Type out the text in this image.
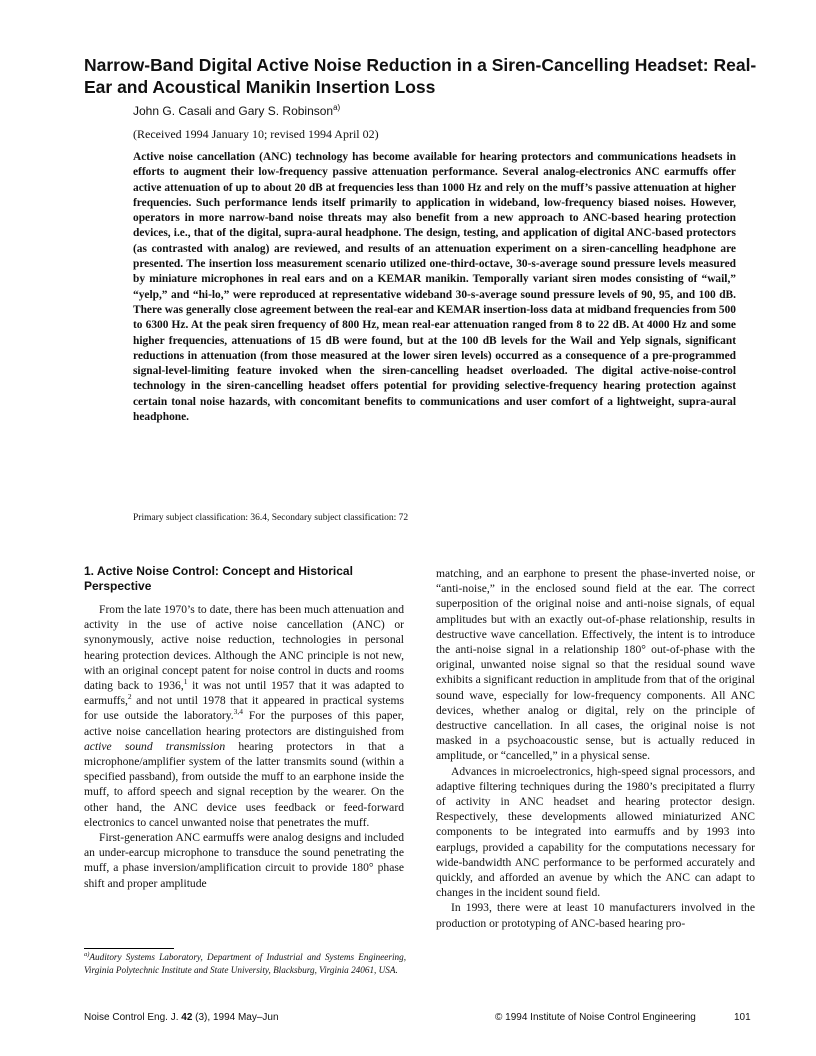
Narrow-Band Digital Active Noise Reduction in a Siren-Cancelling Headset: Real-Ear and Acoustical Manikin Insertion Loss
John G. Casali and Gary S. Robinson$^{a)}$
(Received 1994 January 10; revised 1994 April 02)

Active noise cancellation (ANC) technology has become available for hearing protectors and communications headsets in efforts to augment their low-frequency passive attenuation performance. Several analog-electronics ANC earmuffs offer active attenuation of up to about 20 dB at frequencies less than 1000 Hz and rely on the muff’s passive attenuation at higher frequencies. Such performance lends itself primarily to application in wideband, low-frequency biased noises. However, operators in more narrow-band noise threats may also benefit from a new approach to ANC-based hearing protection devices, i.e., that of the digital, supra-aural headphone. The design, testing, and application of digital ANC-based protectors (as contrasted with analog) are reviewed, and results of an attenuation experiment on a siren-cancelling headphone are presented. The insertion loss measurement scenario utilized one-third-octave, 30-s-average sound pressure levels measured by miniature microphones in real ears and on a KEMAR manikin. Temporally variant siren modes consisting of “wail,” “yelp,” and “hi-lo,” were reproduced at representative wideband 30-s-average sound pressure levels of 90, 95, and 100 dB. There was generally close agreement between the real-ear and KEMAR insertion-loss data at midband frequencies from 500 to 6300 Hz. At the peak siren frequency of 800 Hz, mean real-ear attenuation ranged from 8 to 22 dB. At 4000 Hz and some higher frequencies, attenuations of 15 dB were found, but at the 100 dB levels for the Wail and Yelp signals, significant reductions in attenuation (from those measured at the lower siren levels) occurred as a consequence of a pre-programmed signal-level-limiting feature invoked when the siren-cancelling headset overloaded. The digital active-noise-control technology in the siren-cancelling headset offers potential for providing selective-frequency hearing protection against certain tonal noise hazards, with concomitant benefits to communications and user comfort of a lightweight, supra-aural headphone.

Primary subject classification: 36.4, Secondary subject classification: 72
1. Active Noise Control: Concept and Historical Perspective

From the late 1970’s to date, there has been much attenuation and activity in the use of active noise cancellation (ANC) or synonymously, active noise reduction, technologies in personal hearing protection devices. Although the ANC principle is not new, with an original concept patent for noise control in ducts and rooms dating back to 1936,$^1$ it was not until 1957 that it was adapted to earmuffs,$^2$ and not until 1978 that it appeared in practical systems for use outside the laboratory.$^{3,4}$ For the purposes of this paper, active noise cancellation hearing protectors are distinguished from active sound transmission hearing protectors in that a microphone/amplifier system of the latter transmits sound (within a specified passband), from outside the muff to an earphone inside the muff, to afford speech and signal reception by the wearer. On the other hand, the ANC device uses feedback or feed-forward electronics to cancel unwanted noise that penetrates the muff.

First-generation ANC earmuffs were analog designs and included an under-earcup microphone to transduce the sound penetrating the muff, a phase inversion/amplification circuit to provide 180° phase shift and proper amplitude

matching, and an earphone to present the phase-inverted noise, or “anti-noise,” in the enclosed sound field at the ear. The correct superposition of the original noise and anti-noise signals, of equal amplitudes but with an exactly out-of-phase relationship, results in destructive wave cancellation. Effectively, the intent is to introduce the anti-noise signal in a relationship 180° out-of-phase with the original, unwanted noise signal so that the residual sound wave exhibits a significant reduction in amplitude from that of the original sound wave, especially for low-frequency components. All ANC devices, whether analog or digital, rely on the principle of destructive cancellation. In all cases, the original noise is not masked in a psychoacoustic sense, but is actually reduced in amplitude, or “cancelled,” in a physical sense.

Advances in microelectronics, high-speed signal processors, and adaptive filtering techniques during the 1980’s precipitated a flurry of activity in ANC headset and hearing protector design. Respectively, these developments allowed miniaturized ANC components to be integrated into earmuffs and by 1993 into earplugs, provided a capability for the computations necessary for wide-bandwidth ANC performance to be performed accurately and quickly, and afforded an avenue by which the ANC can adapt to changes in the incident sound field.

In 1993, there were at least 10 manufacturers involved in the production or prototyping of ANC-based hearing pro-

$^{a)}$Auditory Systems Laboratory, Department of Industrial and Systems Engineering, Virginia Polytechnic Institute and State University, Blacksburg, Virginia 24061, USA.

Noise Control Eng. J. 42 (3), 1994 May–Jun	© 1994 Institute of Noise Control Engineering	101
